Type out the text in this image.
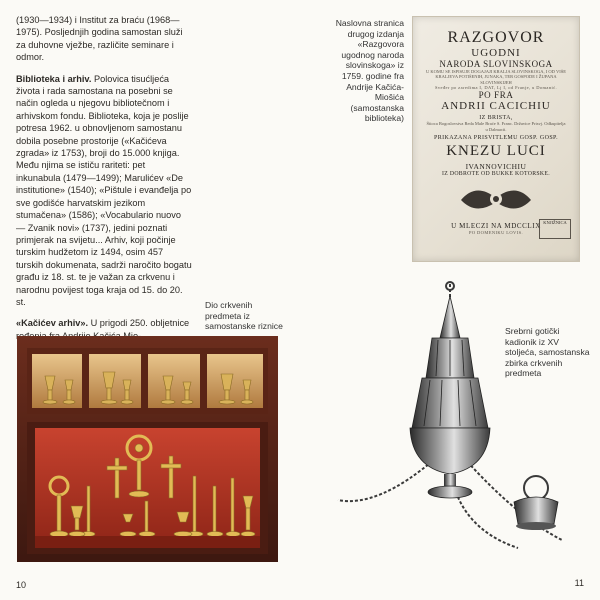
(1930—1934) i Institut za braću (1968—1975). Posljednjih godina samostan služi za duhovne vježbe, različite seminare i odmor.

Biblioteka i arhiv. Polovica tisućljeća života i rada samostana na posebni se način ogleda u njegovu bibliotečnom i arhivskom fondu. Biblioteka, koja je poslije potresa 1962. u obnovljenom samostanu dobila posebne prostorije («Kačićeva zgrada» iz 1753), broji do 15.000 knjiga. Među njima se ističu rariteti: pet inkunabula (1479—1499); Marulićev «De institutione» (1540); «Pištule i evanđelja po sve godišće harvatskim jezikom stumačena» (1586); «Vocabulario nuovo — Zvanik novi» (1737), jedini poznati primjerak na svijetu... Arhiv, koji počinje turskim hudžetom iz 1494, osim 457 turskih dokumenata, sadrži naročito bogatu građu iz 18. st. te je važan za crkvenu i narodnu povijest toga kraja od 15. do 20. st.

«Kačićev arhiv». U prigodi 250. obljetnice

Naslovna stranica drugog izdanja «Razgovora ugodnog naroda slovinskoga» iz 1759. godine fra Andrije Kačića-Miošića (samostanska biblioteka)
Dio crkvenih predmeta iz samostanske riznice	Srebrni gotički kadionik iz XV stoljeća, samostanska zbirka crkvenih predmeta
RAZGOVOR
UGODNI
NARODA SLOVINSKOGA
U KOMU SE ISPISUJE DOGAJAJI KRALJA SLOVINSKOGA, I OD VIŠE KRALJEVA POTIŠENIH, JUNAKA, TER GOSPODE I ŽUPANA SLOVINSKIJEH
Sveđer po zaredima I, DAT, Lj I, od Franje, u Domanić.
PO FRA
ANDRII CACICHIU
IZ BRISTA,
Štioca Bogoslovstva Reda Male Braće S. Franc. Državice Prisvj. Odkupitelja u Dalmacii.
PRIKAZANA PRISVITLEMU GOSP. GOSP.
KNEZU LUCI
IVANNOVICHIU
IZ DOBROTE OD BUKKE KOTORSKE.
KNJIŽNICA
U MLECZI NA MDCCLIX
PO DOMENIKU LOVIS.
10	11
